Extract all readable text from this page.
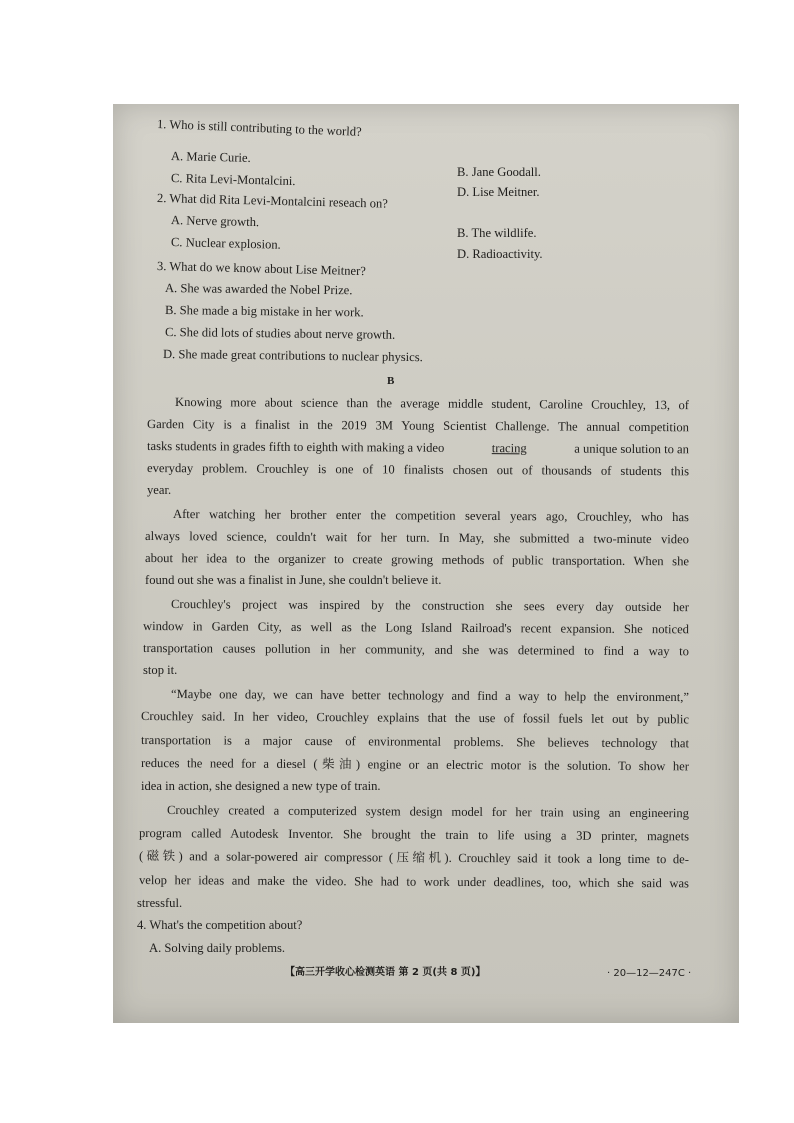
1. Who is still contributing to the world?
A. Marie Curie.
B. Jane Goodall.
C. Rita Levi-Montalcini.
D. Lise Meitner.
2. What did Rita Levi-Montalcini reseach on?
A. Nerve growth.
B. The wildlife.
C. Nuclear explosion.
D. Radioactivity.
3. What do we know about Lise Meitner?
A. She was awarded the Nobel Prize.
B. She made a big mistake in her work.
C. She did lots of studies about nerve growth.
D. She made great contributions to nuclear physics.
B
Knowing more about science than the average middle student, Caroline Crouchley, 13, of
Garden City is a finalist in the 2019 3M Young Scientist Challenge. The annual competition
tasks students in grades fifth to eighth with making a video	tracing	a unique solution to an
everyday problem. Crouchley is one of 10 finalists chosen out of thousands of students this
year.
After watching her brother enter the competition several years ago, Crouchley, who has
always loved science, couldn't wait for her turn. In May, she submitted a two-minute video
about her idea to the organizer to create growing methods of public transportation. When she
found out she was a finalist in June, she couldn't believe it.
Crouchley's project was inspired by the construction she sees every day outside her
window in Garden City, as well as the Long Island Railroad's recent expansion. She noticed
transportation causes pollution in her community, and she was determined to find a way to
stop it.
“Maybe one day, we can have better technology and find a way to help the environment,”
Crouchley said. In her video, Crouchley explains that the use of fossil fuels let out by public
transportation is a major cause of environmental problems. She believes technology that
reduces the need for a diesel (柴油) engine or an electric motor is the solution. To show her
idea in action, she designed a new type of train.
Crouchley created a computerized system design model for her train using an engineering
program called Autodesk Inventor. She brought the train to life using a 3D printer, magnets
(磁铁) and a solar-powered air compressor (压缩机). Crouchley said it took a long time to de-
velop her ideas and make the video. She had to work under deadlines, too, which she said was
stressful.
4. What's the competition about?
A. Solving daily problems.
【高三开学收心检测英语 第 2 页(共 8 页)】	· 20—12—247C ·
